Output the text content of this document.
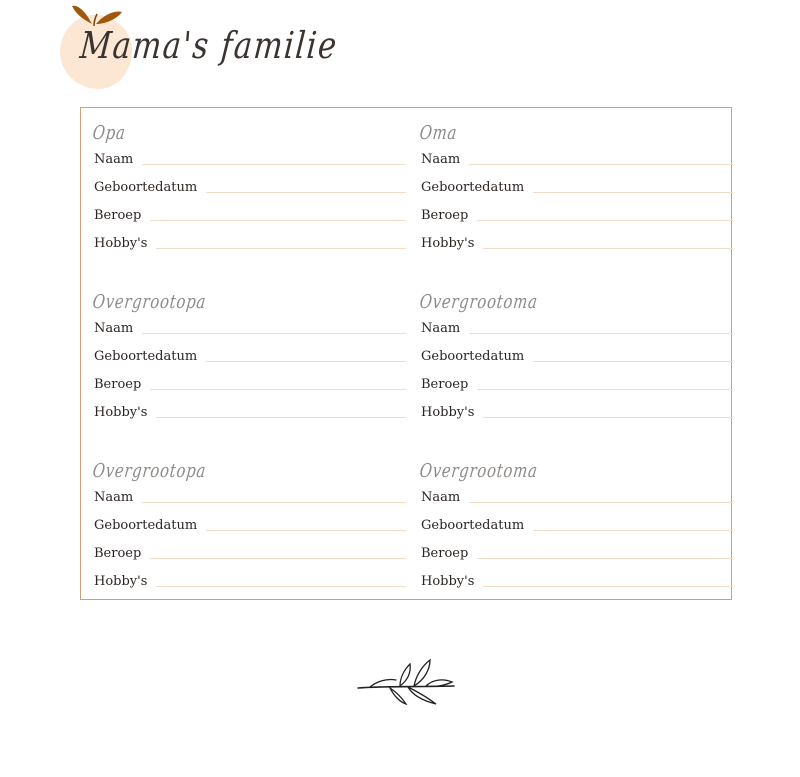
Mama's familie
Opa
Naam
Geboortedatum
Beroep
Hobby's
Oma
Naam
Geboortedatum
Beroep
Hobby's
Overgrootopa
Naam
Geboortedatum
Beroep
Hobby's
Overgrootoma
Naam
Geboortedatum
Beroep
Hobby's
Overgrootopa
Naam
Geboortedatum
Beroep
Hobby's
Overgrootoma
Naam
Geboortedatum
Beroep
Hobby's
